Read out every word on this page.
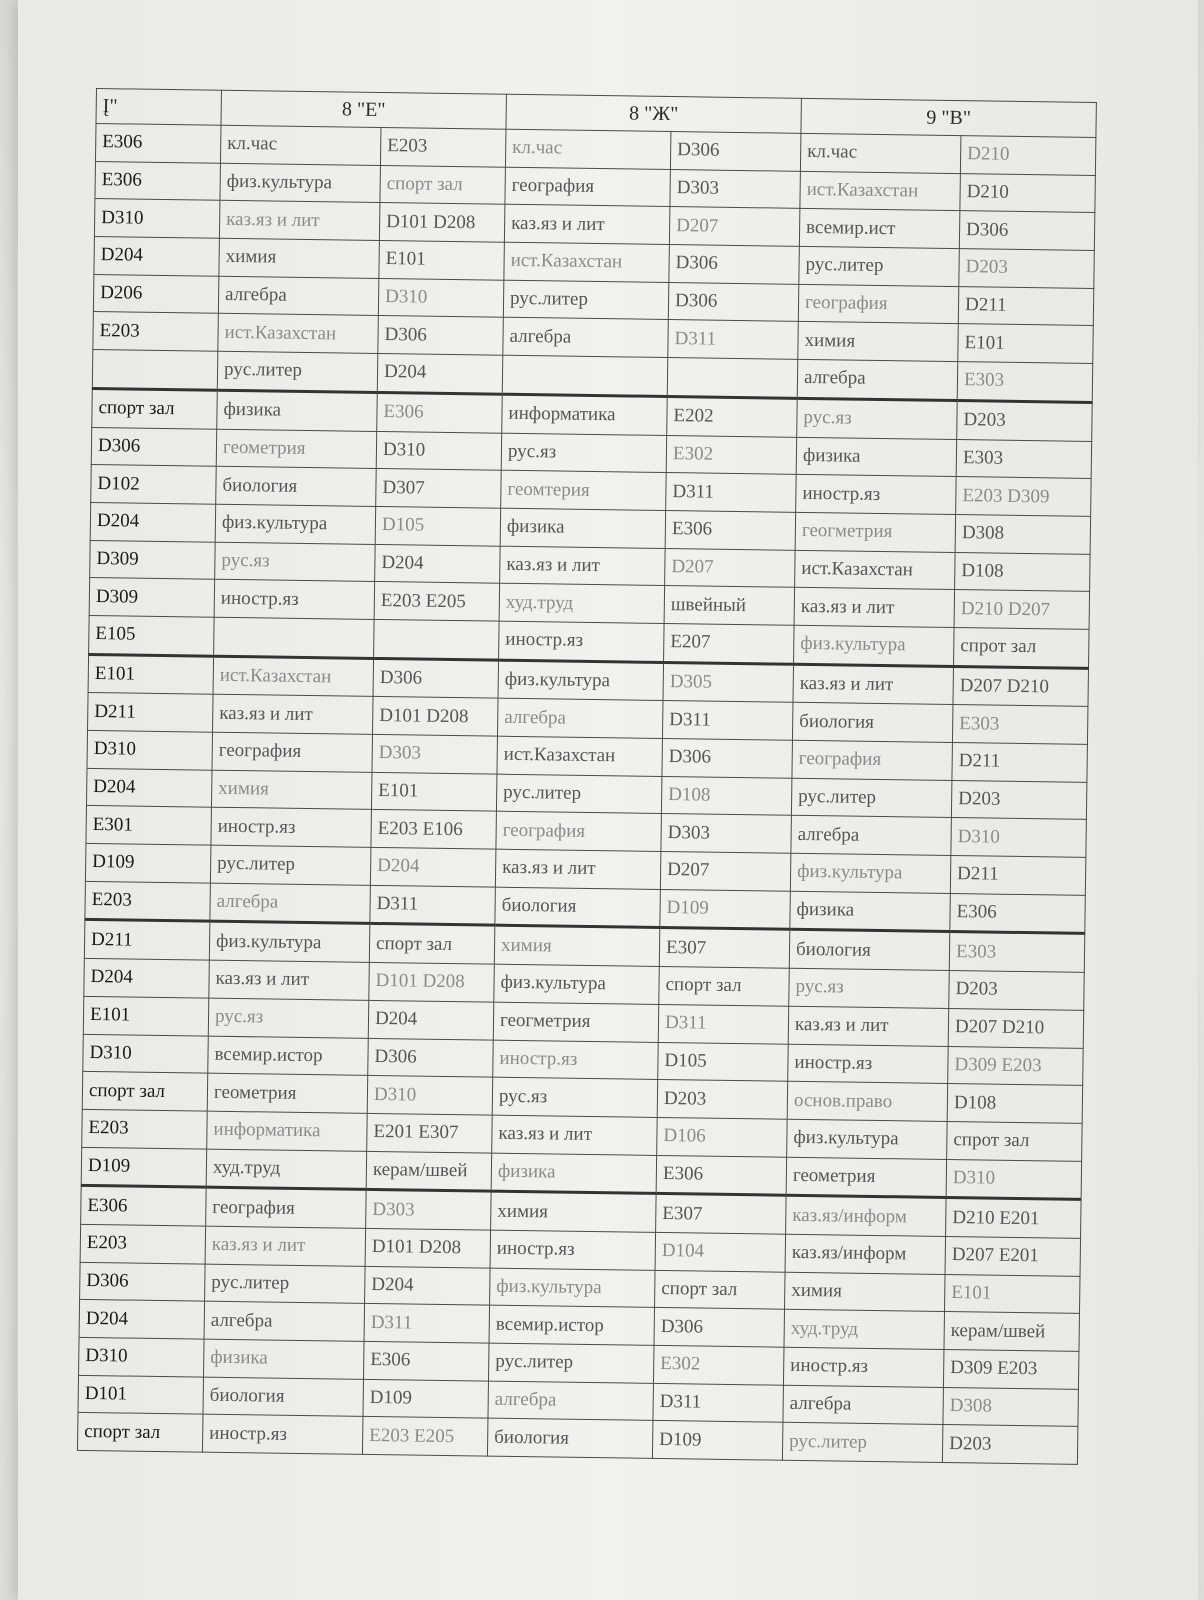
Į"	8 "Е"		8 "Ж"		9 "В"	
E306	кл.час	E203	кл.час	D306	кл.час	D210
E306	физ.культура	спорт зал	география	D303	ист.Казахстан	D210
D310	каз.яз и лит	D101 D208	каз.яз и лит	D207	всемир.ист	D306
D204	химия	E101	ист.Казахстан	D306	рус.литер	D203
D206	алгебра	D310	рус.литер	D306	география	D211
E203	ист.Казахстан	D306	алгебра	D311	химия	E101
	рус.литер	D204			алгебра	E303
спорт зал	физика	E306	информатика	E202	рус.яз	D203
D306	геометрия	D310	рус.яз	E302	физика	E303
D102	биология	D307	геомтерия	D311	иностр.яз	E203 D309
D204	физ.культура	D105	физика	E306	геогметрия	D308
D309	рус.яз	D204	каз.яз и лит	D207	ист.Казахстан	D108
D309	иностр.яз	E203 E205	худ.труд	швейный	каз.яз и лит	D210 D207
E105			иностр.яз	E207	физ.культура	спрот зал
E101	ист.Казахстан	D306	физ.культура	D305	каз.яз и лит	D207 D210
D211	каз.яз и лит	D101 D208	алгебра	D311	биология	E303
D310	география	D303	ист.Казахстан	D306	география	D211
D204	химия	E101	рус.литер	D108	рус.литер	D203
E301	иностр.яз	E203 E106	география	D303	алгебра	D310
D109	рус.литер	D204	каз.яз и лит	D207	физ.культура	D211
E203	алгебра	D311	биология	D109	физика	E306
D211	физ.культура	спорт зал	химия	E307	биология	E303
D204	каз.яз и лит	D101 D208	физ.культура	спорт зал	рус.яз	D203
E101	рус.яз	D204	геогметрия	D311	каз.яз и лит	D207 D210
D310	всемир.истор	D306	иностр.яз	D105	иностр.яз	D309 E203
спорт зал	геометрия	D310	рус.яз	D203	основ.право	D108
E203	информатика	E201 E307	каз.яз и лит	D106	физ.культура	спрот зал
D109	худ.труд	керам/швей	физика	E306	геометрия	D310
E306	география	D303	химия	E307	каз.яз/информ	D210 E201
E203	каз.яз и лит	D101 D208	иностр.яз	D104	каз.яз/информ	D207 E201
D306	рус.литер	D204	физ.культура	спорт зал	химия	E101
D204	алгебра	D311	всемир.истор	D306	худ.труд	керам/швей
D310	физика	E306	рус.литер	E302	иностр.яз	D309 E203
D101	биология	D109	алгебра	D311	алгебра	D308
спорт зал	иностр.яз	E203 E205	биология	D109	рус.литер	D203
